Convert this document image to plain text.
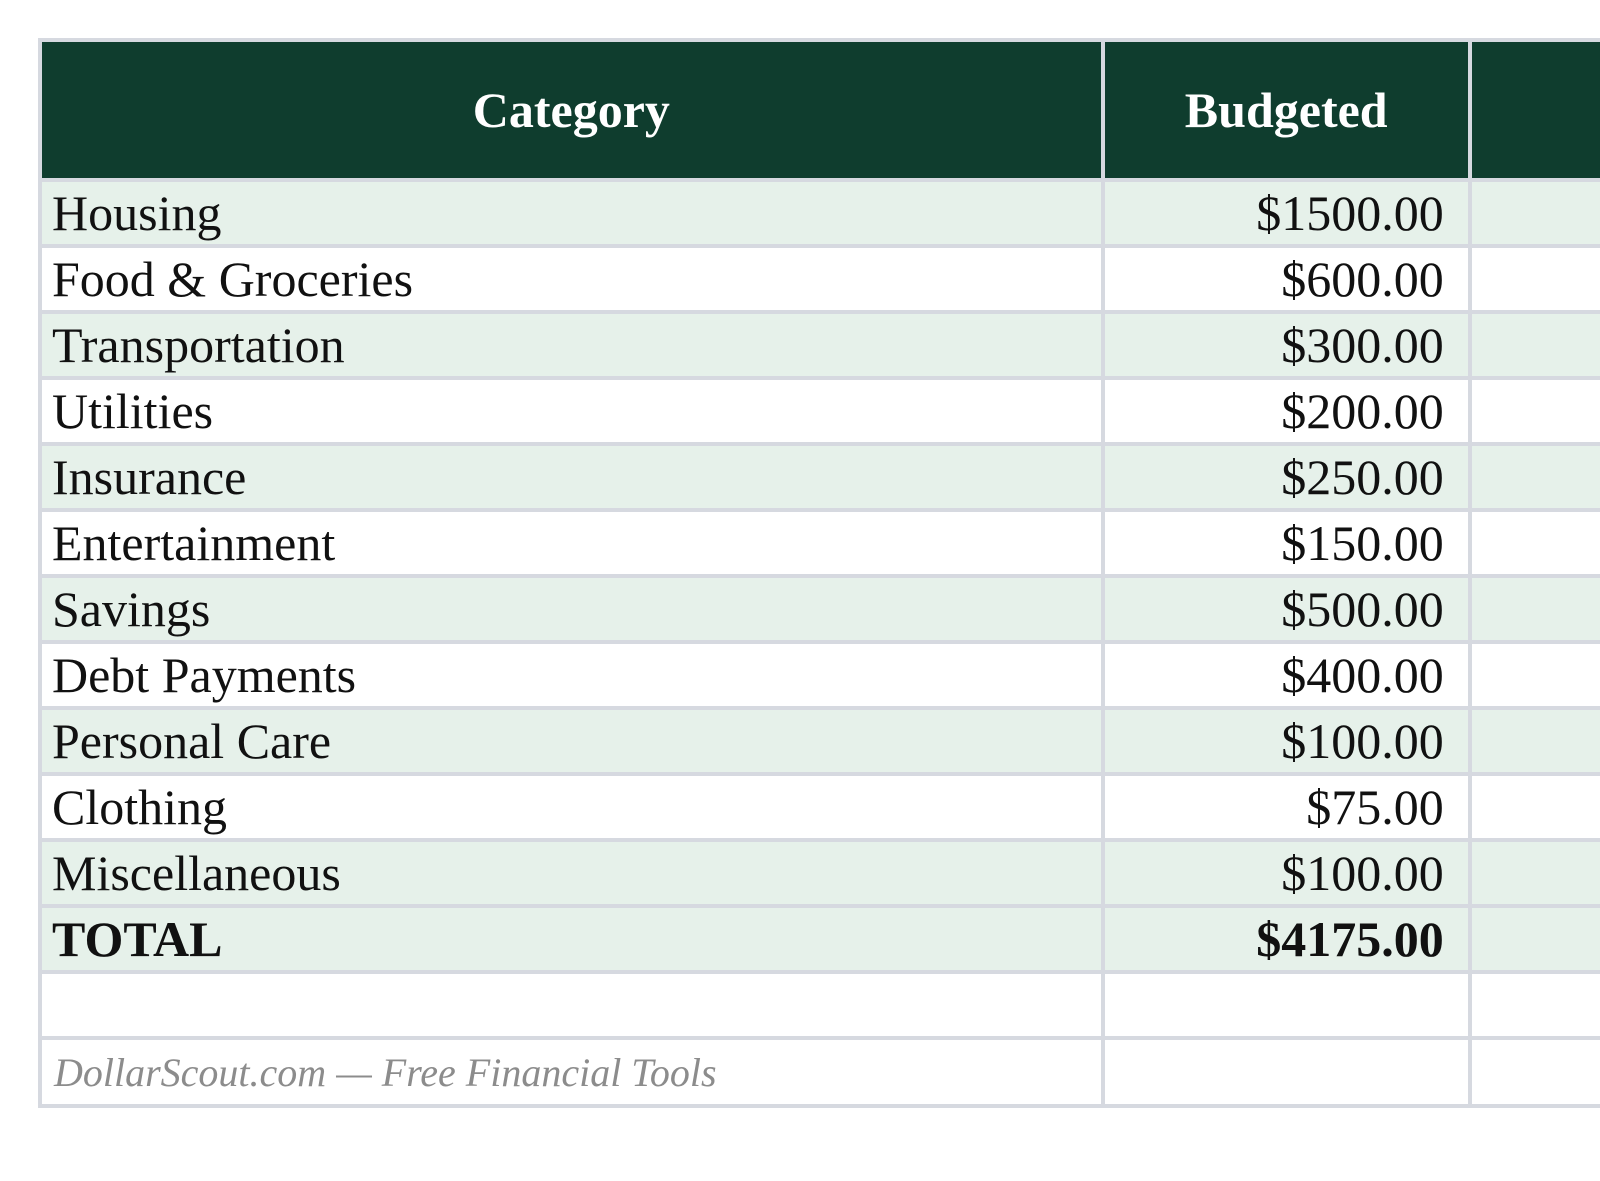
Category	Budgeted	
Housing	$1500.00	
Food & Groceries	$600.00	
Transportation	$300.00	
Utilities	$200.00	
Insurance	$250.00	
Entertainment	$150.00	
Savings	$500.00	
Debt Payments	$400.00	
Personal Care	$100.00	
Clothing	$75.00	
Miscellaneous	$100.00	
TOTAL	$4175.00	

DollarScout.com — Free Financial Tools		
